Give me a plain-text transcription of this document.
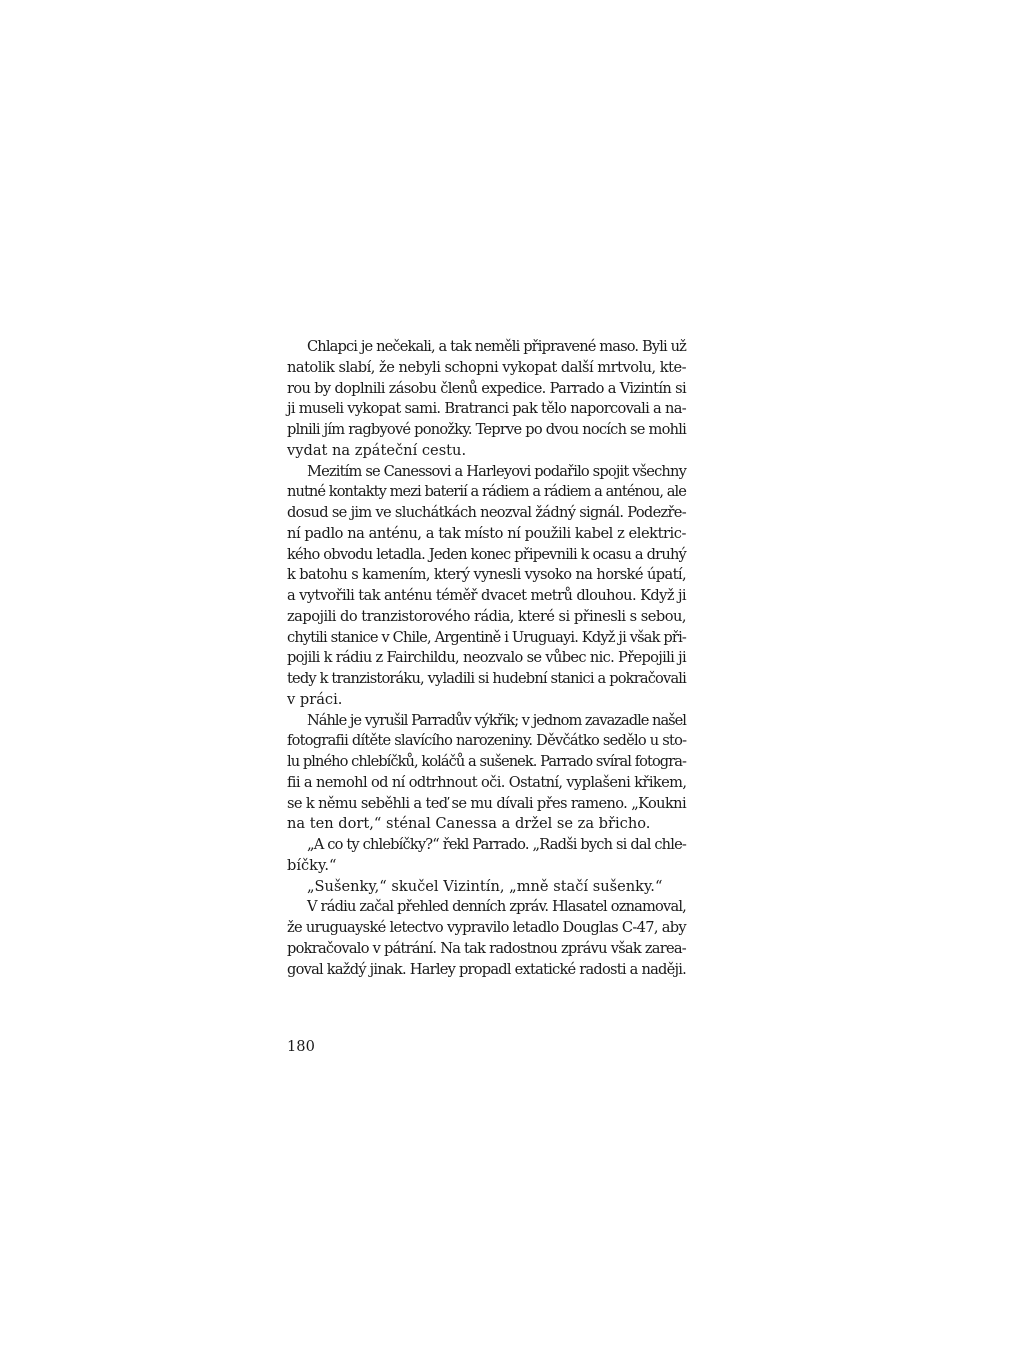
Chlapci je nečekali, a tak neměli připravené maso. Byli už
natolik slabí, že nebyli schopni vykopat další mrtvolu, kte-
rou by doplnili zásobu členů expedice. Parrado a Vizintín si
ji museli vykopat sami. Bratranci pak tělo naporcovali a na-
plnili jím ragbyové ponožky. Teprve po dvou nocích se mohli
vydat na zpáteční cestu.
Mezitím se Canessovi a Harleyovi podařilo spojit všechny
nutné kontakty mezi baterií a rádiem a rádiem a anténou, ale
dosud se jim ve sluchátkách neozval žádný signál. Podezře-
ní padlo na anténu, a tak místo ní použili kabel z elektric-
kého obvodu letadla. Jeden konec připevnili k ocasu a druhý
k batohu s kamením, který vynesli vysoko na horské úpatí,
a vytvořili tak anténu téměř dvacet metrů dlouhou. Když ji
zapojili do tranzistorového rádia, které si přinesli s sebou,
chytili stanice v Chile, Argentině i Uruguayi. Když ji však při-
pojili k rádiu z Fairchildu, neozvalo se vůbec nic. Přepojili ji
tedy k tranzistoráku, vyladili si hudební stanici a pokračovali
v práci.
Náhle je vyrušil Parradův výkřik; v jednom zavazadle našel
fotografii dítěte slavícího narozeniny. Děvčátko sedělo u sto-
lu plného chlebíčků, koláčů a sušenek. Parrado svíral fotogra-
fii a nemohl od ní odtrhnout oči. Ostatní, vyplašeni křikem,
se k němu seběhli a teď se mu dívali přes rameno. „Koukni
na ten dort,“ sténal Canessa a držel se za břicho.
„A co ty chlebíčky?“ řekl Parrado. „Radši bych si dal chle-
bíčky.“
„Sušenky,“ skučel Vizintín, „mně stačí sušenky.“
V rádiu začal přehled denních zpráv. Hlasatel oznamoval,
že uruguayské letectvo vypravilo letadlo Douglas C-47, aby
pokračovalo v pátrání. Na tak radostnou zprávu však zarea-
goval každý jinak. Harley propadl extatické radosti a naději.
180
